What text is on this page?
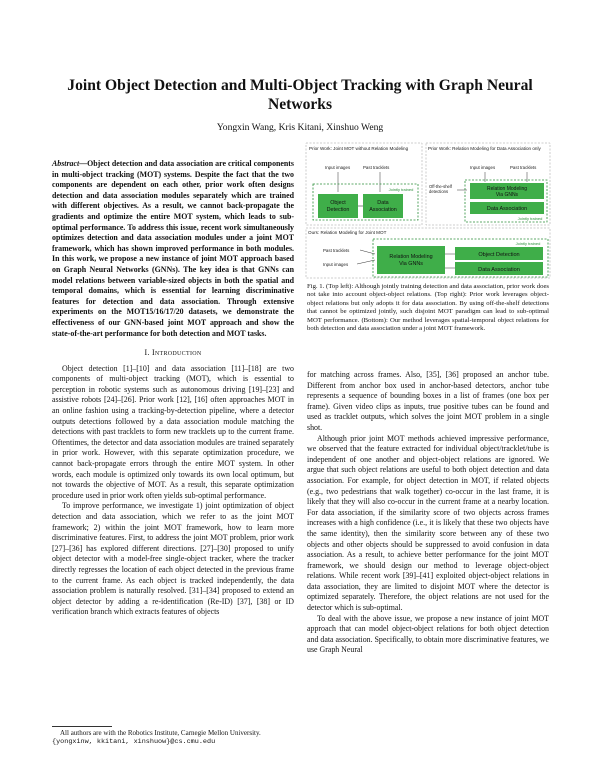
Joint Object Detection and Multi-Object Tracking with Graph Neural Networks
Yongxin Wang, Kris Kitani, Xinshuo Weng
Abstract—Object detection and data association are critical components in multi-object tracking (MOT) systems. Despite the fact that the two components are dependent on each other, prior work often designs detection and data association modules separately which are trained with different objectives. As a result, we cannot back-propagate the gradients and optimize the entire MOT system, which leads to sub-optimal performance. To address this issue, recent work simultaneously optimizes detection and data association modules under a joint MOT framework, which has shown improved performance in both modules. In this work, we propose a new instance of joint MOT approach based on Graph Neural Networks (GNNs). The key idea is that GNNs can model relations between variable-sized objects in both the spatial and temporal domains, which is essential for learning discriminative features for detection and data association. Through extensive experiments on the MOT15/16/17/20 datasets, we demonstrate the effectiveness of our GNN-based joint MOT approach and show the state-of-the-art performance for both detection and MOT tasks.
I. Introduction

Object detection [1]–[10] and data association [11]–[18] are two components of multi-object tracking (MOT), which is essential to perception in robotic systems such as autonomous driving [19]–[23] and assistive robots [24]–[26]. Prior work [12], [16] often approaches MOT in an online fashion using a tracking-by-detection pipeline, where a detector outputs detections followed by a data association module matching the detections with past tracklets to form new tracklets up to the current frame. Oftentimes, the detector and data association modules are trained separately in prior work. However, with this separate optimization procedure, we cannot back-propagate errors through the entire MOT system. In other words, each module is optimized only towards its own local optimum, but not towards the objective of MOT. As a result, this separate optimization procedure used in prior work often yields sub-optimal performance.

To improve performance, we investigate 1) joint optimization of object detection and data association, which we refer to as the joint MOT framework; 2) within the joint MOT framework, how to learn more discriminative features. First, to address the joint MOT problem, prior work [27]–[36] has explored different directions. [27]–[30] proposed to unify object detector with a model-free single-object tracker, where the tracker directly regresses the location of each object detected in the previous frame to the current frame. As each object is tracked independently, the data association problem is naturally resolved. [31]–[34] proposed to extend an object detector by adding a re-identification (Re-ID) [37], [38] or ID verification branch which extracts features of objects

All authors are with the Robotics Institute, Carnegie Mellon University.
{yongxinw, kkitani, xinshuow}@cs.cmu.edu
Prior Work: Joint MOT without Relation Modeling
Input images	Past tracklets
Jointly trained
Object Detection
Data Association
Prior Work: Relation Modeling for Data Association only
Input images	Past tracklets
Off-the-shelf detections	Relation Modeling Via GNNs
Data Association
Jointly trained
Ours: Relation Modeling for Joint MOT
Past tracklets
Input images
Jointly trained
Relation Modeling Via GNNs
Object Detection
Data Association
Fig. 1. (Top left): Although jointly training detection and data association, prior work does not take into account object-object relations. (Top right): Prior work leverages object-object relations but only adopts it for data association. By using off-the-shelf detections that cannot be optimized jointly, such disjoint MOT paradigm can lead to sub-optimal MOT performance. (Bottom): Our method leverages spatial-temporal object relations for both detection and data association under a joint MOT framework.

for matching across frames. Also, [35], [36] proposed an anchor tube. Different from anchor box used in anchor-based detectors, anchor tube represents a sequence of bounding boxes in a list of frames (one box per frame). Given video clips as inputs, true positive tubes can be found and used as tracklet outputs, which solves the joint MOT problem in a single shot.

Although prior joint MOT methods achieved impressive performance, we observed that the feature extracted for individual object/tracklet/tube is independent of one another and object-object relations are ignored. We argue that such object relations are useful to both object detection and data association. For example, for object detection in MOT, if related objects (e.g., two pedestrians that walk together) co-occur in the last frame, it is likely that they will also co-occur in the current frame at a nearby location. For data association, if the similarity score of two objects across frames increases with a high confidence (i.e., it is likely that these two objects have the same identity), then the similarity score between any of these two objects and other objects should be suppressed to avoid confusion in data association. As a result, to achieve better performance for the joint MOT framework, we should design our method to leverage object-object relations. While recent work [39]–[41] exploited object-object relations in data association, they are limited to disjoint MOT where the detector is optimized separately. Therefore, the object relations are not used for the detector which is sub-optimal.

To deal with the above issue, we propose a new instance of joint MOT approach that can model object-object relations for both object detection and data association. Specifically, to obtain more discriminative features, we use Graph Neural
